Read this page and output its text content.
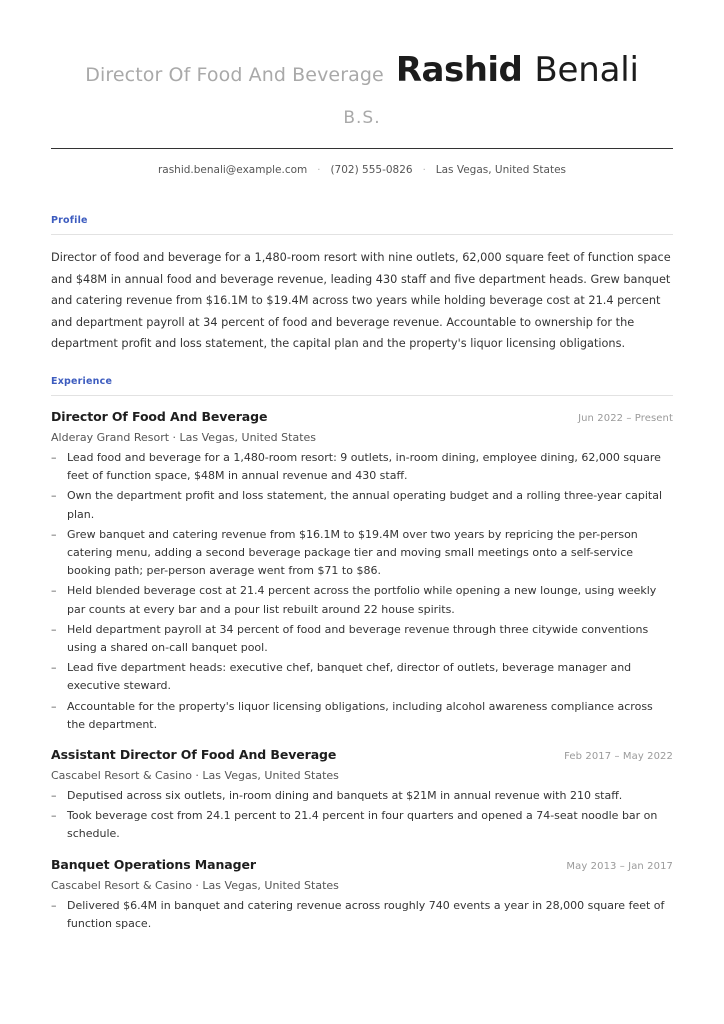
Director Of Food And Beverage Rashid Benali
B.S.
rashid.benali@example.com · (702) 555-0826 · Las Vegas, United States
Profile

Director of food and beverage for a 1,480-room resort with nine outlets, 62,000 square feet of function space and $48M in annual food and beverage revenue, leading 430 staff and five department heads. Grew banquet and catering revenue from $16.1M to $19.4M across two years while holding beverage cost at 21.4 percent and department payroll at 34 percent of food and beverage revenue. Accountable to ownership for the department profit and loss statement, the capital plan and the property's liquor licensing obligations.

Experience
Director Of Food And Beverage	Jun 2022 – Present
Alderay Grand Resort · Las Vegas, United States
– Lead food and beverage for a 1,480-room resort: 9 outlets, in-room dining, employee dining, 62,000 square feet of function space, $48M in annual revenue and 430 staff.
– Own the department profit and loss statement, the annual operating budget and a rolling three-year capital plan.
– Grew banquet and catering revenue from $16.1M to $19.4M over two years by repricing the per-person catering menu, adding a second beverage package tier and moving small meetings onto a self-service booking path; per-person average went from $71 to $86.
– Held blended beverage cost at 21.4 percent across the portfolio while opening a new lounge, using weekly par counts at every bar and a pour list rebuilt around 22 house spirits.
– Held department payroll at 34 percent of food and beverage revenue through three citywide conventions using a shared on-call banquet pool.
– Lead five department heads: executive chef, banquet chef, director of outlets, beverage manager and executive steward.
– Accountable for the property's liquor licensing obligations, including alcohol awareness compliance across the department.
Assistant Director Of Food And Beverage	Feb 2017 – May 2022
Cascabel Resort & Casino · Las Vegas, United States
– Deputised across six outlets, in-room dining and banquets at $21M in annual revenue with 210 staff.
– Took beverage cost from 24.1 percent to 21.4 percent in four quarters and opened a 74-seat noodle bar on schedule.
Banquet Operations Manager	May 2013 – Jan 2017
Cascabel Resort & Casino · Las Vegas, United States
– Delivered $6.4M in banquet and catering revenue across roughly 740 events a year in 28,000 square feet of function space.
